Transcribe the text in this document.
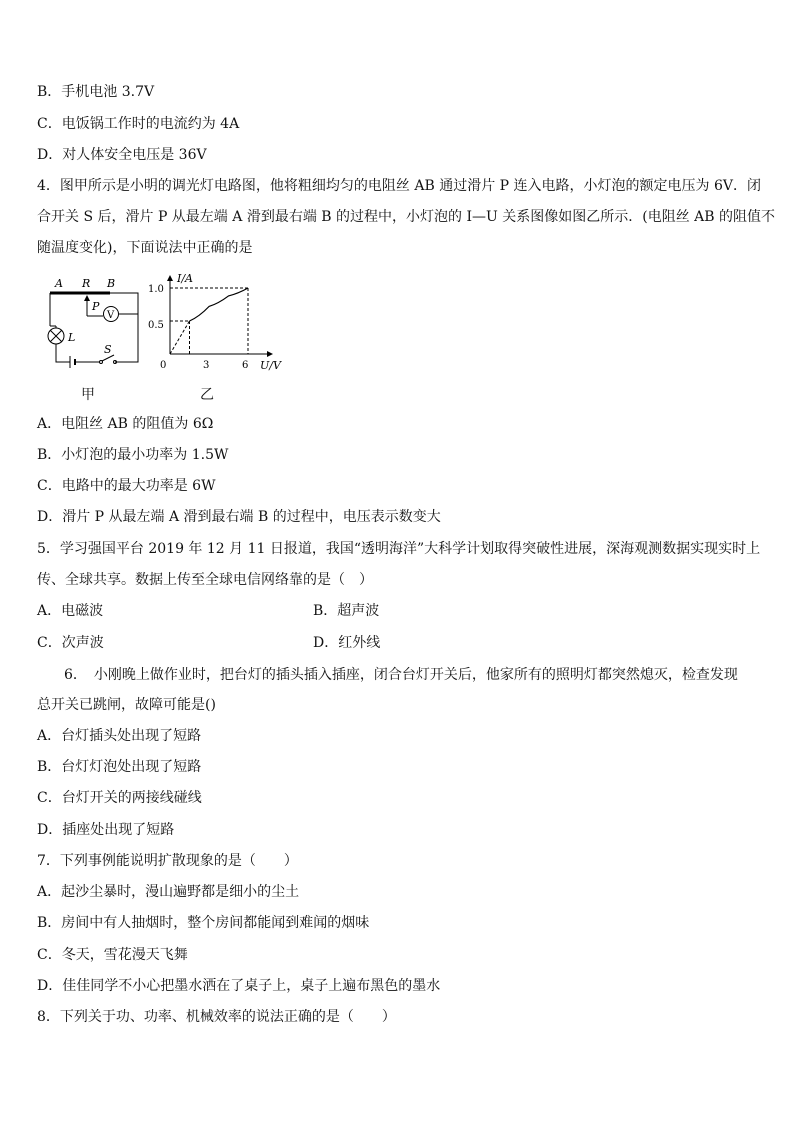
B．手机电池 3.7V
C．电饭锅工作时的电流约为 4A
D．对人体安全电压是 36V
4．图甲所示是小明的调光灯电路图，他将粗细均匀的电阻丝 AB 通过滑片 P 连入电路，小灯泡的额定电压为 6V．闭
合开关 S 后，滑片 P 从最左端 A 滑到最右端 B 的过程中，小灯泡的 I—U 关系图像如图乙所示．(电阻丝 AB 的阻值不
随温度变化)，下面说法中正确的是
A R B
P
V
L
S
I/A
U/V
0	3	6
0.5
1.0
甲	乙
A．电阻丝 AB 的阻值为 6Ω
B．小灯泡的最小功率为 1.5W
C．电路中的最大功率是 6W
D．滑片 P 从最左端 A 滑到最右端 B 的过程中，电压表示数变大
5．学习强国平台 2019 年 12 月 11 日报道，我国“透明海洋”大科学计划取得突破性进展，深海观测数据实现实时上
传、全球共享。数据上传至全球电信网络靠的是（　）
A．电磁波	B．超声波
C．次声波	D．红外线
6．　小刚晚上做作业时，把台灯的插头插入插座，闭合台灯开关后，他家所有的照明灯都突然熄灭，检查发现
总开关已跳闸，故障可能是()
A．台灯插头处出现了短路
B．台灯灯泡处出现了短路
C．台灯开关的两接线碰线
D．插座处出现了短路
7．下列事例能说明扩散现象的是（　　）
A．起沙尘暴时，漫山遍野都是细小的尘土
B．房间中有人抽烟时，整个房间都能闻到难闻的烟味
C．冬天，雪花漫天飞舞
D．佳佳同学不小心把墨水洒在了桌子上，桌子上遍布黑色的墨水
8．下列关于功、功率、机械效率的说法正确的是（　　）
